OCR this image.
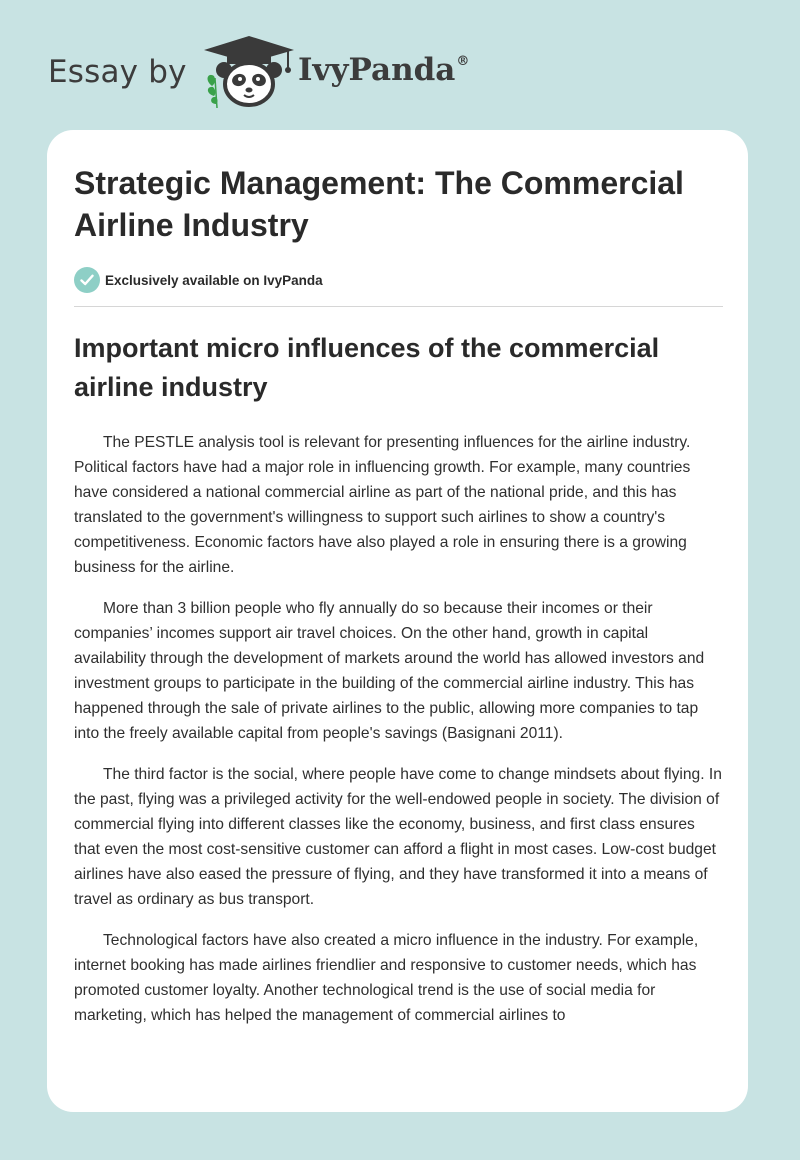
Essay by	IvyPanda®
Strategic Management: The Commercial Airline Industry
Exclusively available on IvyPanda
Important micro influences of the commercial airline industry

The PESTLE analysis tool is relevant for presenting influences for the airline industry. Political factors have had a major role in influencing growth. For example, many countries have considered a national commercial airline as part of the national pride, and this has translated to the government's willingness to support such airlines to show a country's competitiveness. Economic factors have also played a role in ensuring there is a growing business for the airline.

More than 3 billion people who fly annually do so because their incomes or their companies’ incomes support air travel choices. On the other hand, growth in capital availability through the development of markets around the world has allowed investors and investment groups to participate in the building of the commercial airline industry. This has happened through the sale of private airlines to the public, allowing more companies to tap into the freely available capital from people's savings (Basignani 2011).

The third factor is the social, where people have come to change mindsets about flying. In the past, flying was a privileged activity for the well-endowed people in society. The division of commercial flying into different classes like the economy, business, and first class ensures that even the most cost-sensitive customer can afford a flight in most cases. Low-cost budget airlines have also eased the pressure of flying, and they have transformed it into a means of travel as ordinary as bus transport.

Technological factors have also created a micro influence in the industry. For example, internet booking has made airlines friendlier and responsive to customer needs, which has promoted customer loyalty. Another technological trend is the use of social media for marketing, which has helped the management of commercial airlines to
